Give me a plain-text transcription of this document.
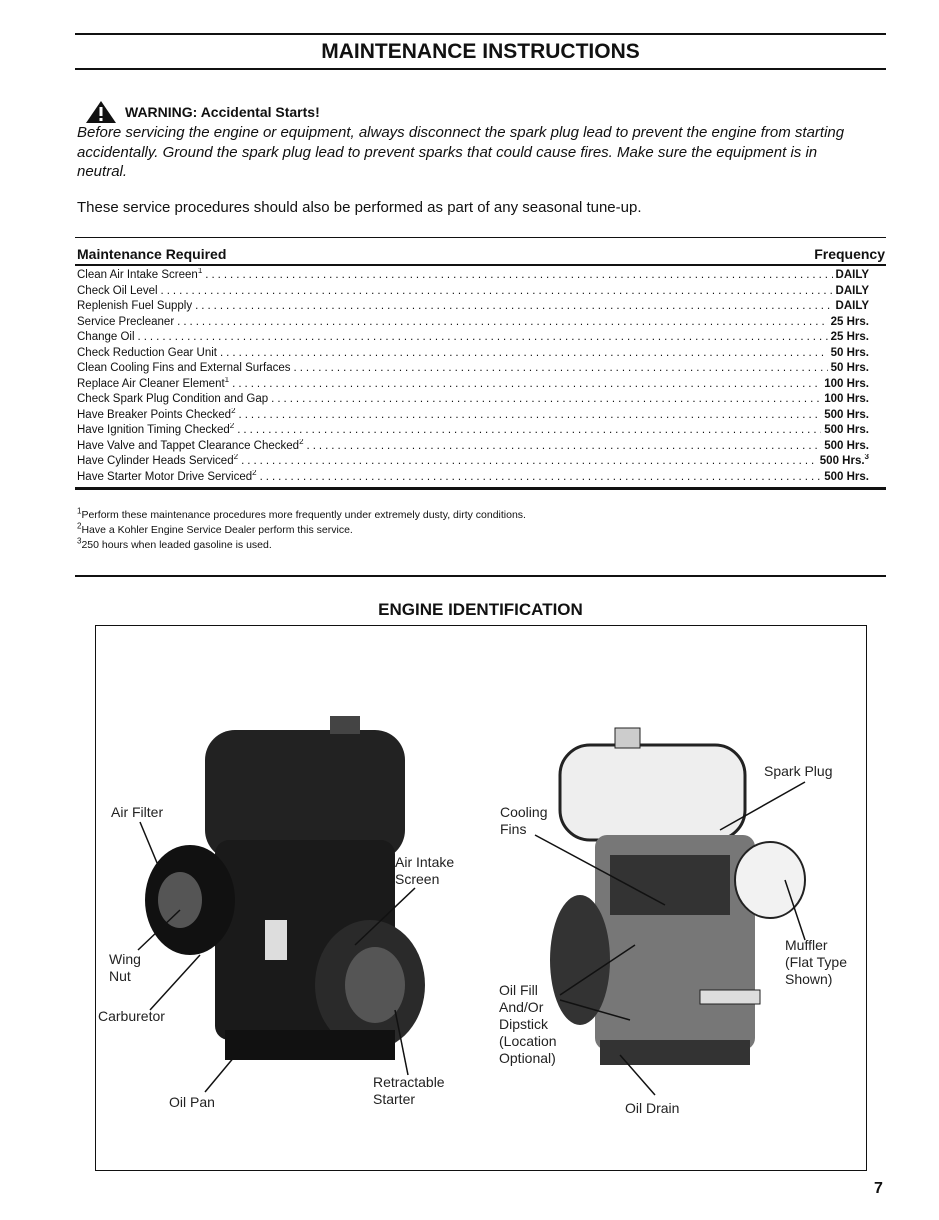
MAINTENANCE INSTRUCTIONS
WARNING: Accidental Starts!
Before servicing the engine or equipment, always disconnect the spark plug lead to prevent the engine from starting accidentally. Ground the spark plug lead to prevent sparks that could cause fires. Make sure the equipment is in neutral.
These service procedures should also be performed as part of any seasonal tune-up.
Maintenance Required	Frequency
Clean Air Intake Screen$^1$ .....	DAILY
Check Oil Level .....	DAILY
Replenish Fuel Supply .....	DAILY
Service Precleaner .....	25 Hrs.
Change Oil .....	25 Hrs.
Check Reduction Gear Unit .....	50 Hrs.
Clean Cooling Fins and External Surfaces .....	50 Hrs.
Replace Air Cleaner Element$^1$ .....	100 Hrs.
Check Spark Plug Condition and Gap .....	100 Hrs.
Have Breaker Points Checked$^2$ .....	500 Hrs.
Have Ignition Timing Checked$^2$ .....	500 Hrs.
Have Valve and Tappet Clearance Checked$^2$ .....	500 Hrs.
Have Cylinder Heads Serviced$^2$ .....	500 Hrs.$^3$
Have Starter Motor Drive Serviced$^2$ .....	500 Hrs.
$^1$Perform these maintenance procedures more frequently under extremely dusty, dirty conditions.
$^2$Have a Kohler Engine Service Dealer perform this service.
$^3$250 hours when leaded gasoline is used.
ENGINE IDENTIFICATION
Air Filter
Air Intake
Screen
Wing
Nut
Carburetor
Oil Pan
Retractable
Starter
Cooling
Fins
Spark Plug
Muffler
(Flat Type
Shown)
Oil Fill
And/Or
Dipstick
(Location
Optional)
Oil Drain
7
